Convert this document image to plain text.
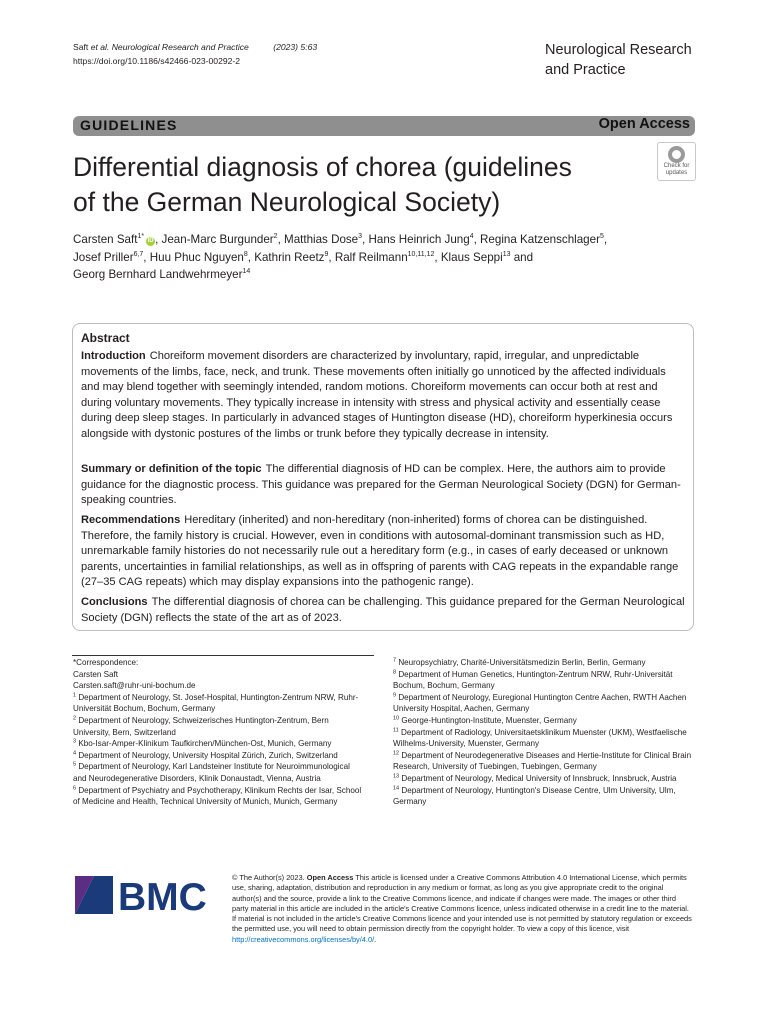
Saft et al. Neurological Research and Practice	(2023) 5:63
https://doi.org/10.1186/s42466-023-00292-2
Neurological Research
and Practice
GUIDELINES	Open Access
Differential diagnosis of chorea (guidelines
of the German Neurological Society)
Check for
updates
Carsten Saft$^{1*}$iD , Jean-Marc Burgunder$^2$, Matthias Dose$^3$, Hans Heinrich Jung$^4$, Regina Katzenschlager$^5$,
Josef Priller$^{6,7}$, Huu Phuc Nguyen$^8$, Kathrin Reetz$^9$, Ralf Reilmann$^{10,11,12}$, Klaus Seppi$^{13}$ and
Georg Bernhard Landwehrmeyer$^{14}$
Abstract

Introduction Choreiform movement disorders are characterized by involuntary, rapid, irregular, and unpredictable movements of the limbs, face, neck, and trunk. These movements often initially go unnoticed by the affected individuals and may blend together with seemingly intended, random motions. Choreiform movements can occur both at rest and during voluntary movements. They typically increase in intensity with stress and physical activity and essentially cease during deep sleep stages. In particularly in advanced stages of Huntington disease (HD), choreiform hyperkinesia occurs alongside with dystonic postures of the limbs or trunk before they typically decrease in intensity.

Summary or definition of the topic The differential diagnosis of HD can be complex. Here, the authors aim to provide guidance for the diagnostic process. This guidance was prepared for the German Neurological Society (DGN) for German-speaking countries.

Recommendations Hereditary (inherited) and non-hereditary (non-inherited) forms of chorea can be distinguished. Therefore, the family history is crucial. However, even in conditions with autosomal-dominant transmission such as HD, unremarkable family histories do not necessarily rule out a hereditary form (e.g., in cases of early deceased or unknown parents, uncertainties in familial relationships, as well as in offspring of parents with CAG repeats in the expandable range (27–35 CAG repeats) which may display expansions into the pathogenic range).

Conclusions The differential diagnosis of chorea can be challenging. This guidance prepared for the German Neurological Society (DGN) reflects the state of the art as of 2023.

*Correspondence:
Carsten Saft
Carsten.saft@ruhr-uni-bochum.de
$^1$ Department of Neurology, St. Josef-Hospital, Huntington-Zentrum NRW, Ruhr-Universität Bochum, Bochum, Germany
$^2$ Department of Neurology, Schweizerisches Huntington-Zentrum, Bern University, Bern, Switzerland
$^3$ Kbo-Isar-Amper-Klinikum Taufkirchen/München-Ost, Munich, Germany
$^4$ Department of Neurology, University Hospital Zürich, Zurich, Switzerland
$^5$ Department of Neurology, Karl Landsteiner Institute for Neuroimmunological and Neurodegenerative Disorders, Klinik Donaustadt, Vienna, Austria
$^6$ Department of Psychiatry and Psychotherapy, Klinikum Rechts der Isar, School of Medicine and Health, Technical University of Munich, Munich, Germany
$^7$ Neuropsychiatry, Charité-Universitätsmedizin Berlin, Berlin, Germany
$^8$ Department of Human Genetics, Huntington-Zentrum NRW, Ruhr-Universität Bochum, Bochum, Germany
$^9$ Department of Neurology, Euregional Huntington Centre Aachen, RWTH Aachen University Hospital, Aachen, Germany
$^{10}$ George-Huntington-Institute, Muenster, Germany
$^{11}$ Department of Radiology, Universitaetsklinikum Muenster (UKM), Westfaelische Wilhelms-University, Muenster, Germany
$^{12}$ Department of Neurodegenerative Diseases and Hertie-Institute for Clinical Brain Research, University of Tuebingen, Tuebingen, Germany
$^{13}$ Department of Neurology, Medical University of Innsbruck, Innsbruck, Austria
$^{14}$ Department of Neurology, Huntington's Disease Centre, Ulm University, Ulm, Germany
BMC	© The Author(s) 2023. Open Access This article is licensed under a Creative Commons Attribution 4.0 International License, which permits use, sharing, adaptation, distribution and reproduction in any medium or format, as long as you give appropriate credit to the original author(s) and the source, provide a link to the Creative Commons licence, and indicate if changes were made. The images or other third party material in this article are included in the article's Creative Commons licence, unless indicated otherwise in a credit line to the material. If material is not included in the article's Creative Commons licence and your intended use is not permitted by statutory regulation or exceeds the permitted use, you will need to obtain permission directly from the copyright holder. To view a copy of this licence, visit http://creativecommons.org/licenses/by/4.0/.
